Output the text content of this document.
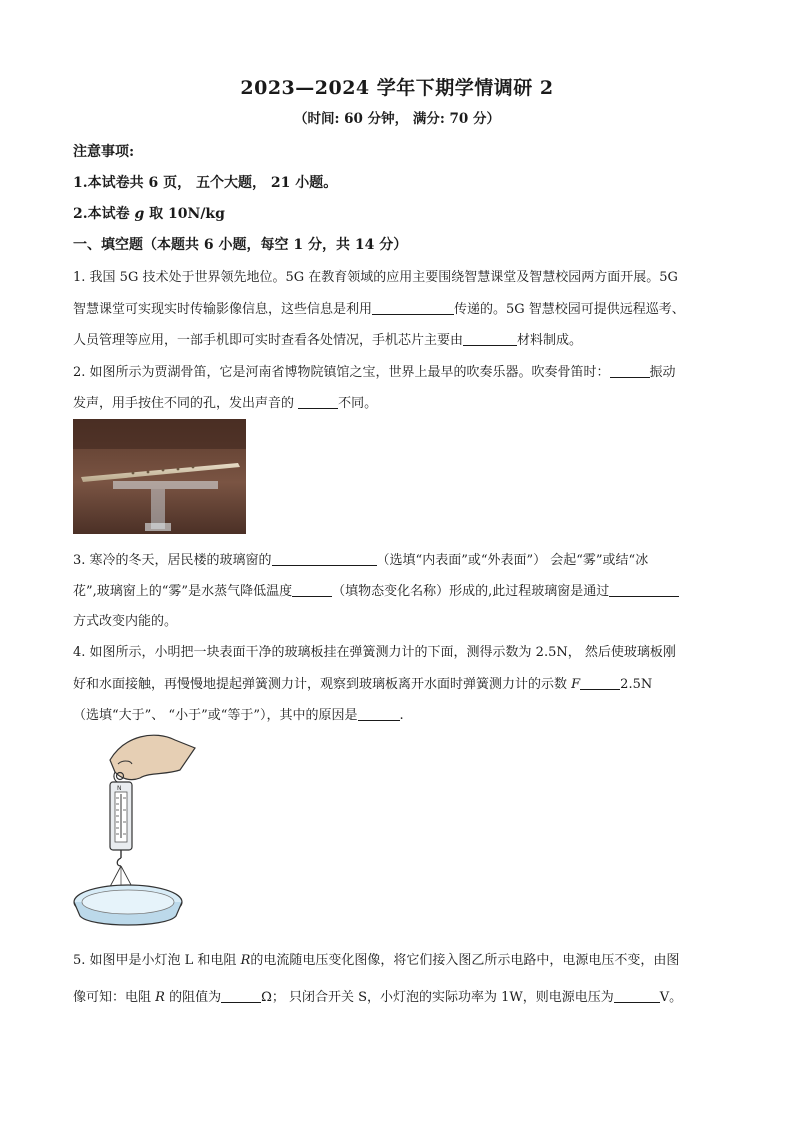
2023—2024 学年下期学情调研 2
（时间: 60 分钟， 满分: 70 分）
注意事项:
1.本试卷共 6 页， 五个大题， 21 小题。
2.本试卷 g 取 10N/kg
一、填空题（本题共 6 小题，每空 1 分，共 14 分）
1. 我国 5G 技术处于世界领先地位。5G 在教育领域的应用主要围绕智慧课堂及智慧校园两方面开展。5G
智慧课堂可实现实时传输影像信息，这些信息是利用	传递的。5G 智慧校园可提供远程巡考、
人员管理等应用，一部手机即可实时查看各处情况，手机芯片主要由	材料制成。
2. 如图所示为贾湖骨笛，它是河南省博物院镇馆之宝，世界上最早的吹奏乐器。吹奏骨笛时：	振动
发声，用手按住不同的孔，发出声音的	不同。
3. 寒冷的冬天，居民楼的玻璃窗的	（选填“内表面”或“外表面”） 会起“雾”或结“冰
花”,玻璃窗上的“雾”是水蒸气降低温度	（填物态变化名称）形成的,此过程玻璃窗是通过
方式改变内能的。
4. 如图所示，小明把一块表面干净的玻璃板挂在弹簧测力计的下面，测得示数为 2.5N， 然后使玻璃板刚
好和水面接触，再慢慢地提起弹簧测力计，观察到玻璃板离开水面时弹簧测力计的示数 F	2.5N
（选填“大于”、 “小于”或“等于”），其中的原因是	.
N
5. 如图甲是小灯泡 L 和电阻 R的电流随电压变化图像，将它们接入图乙所示电路中，电源电压不变，由图
像可知：电阻 R 的阻值为	Ω； 只闭合开关 S，小灯泡的实际功率为 1W，则电源电压为	V。
